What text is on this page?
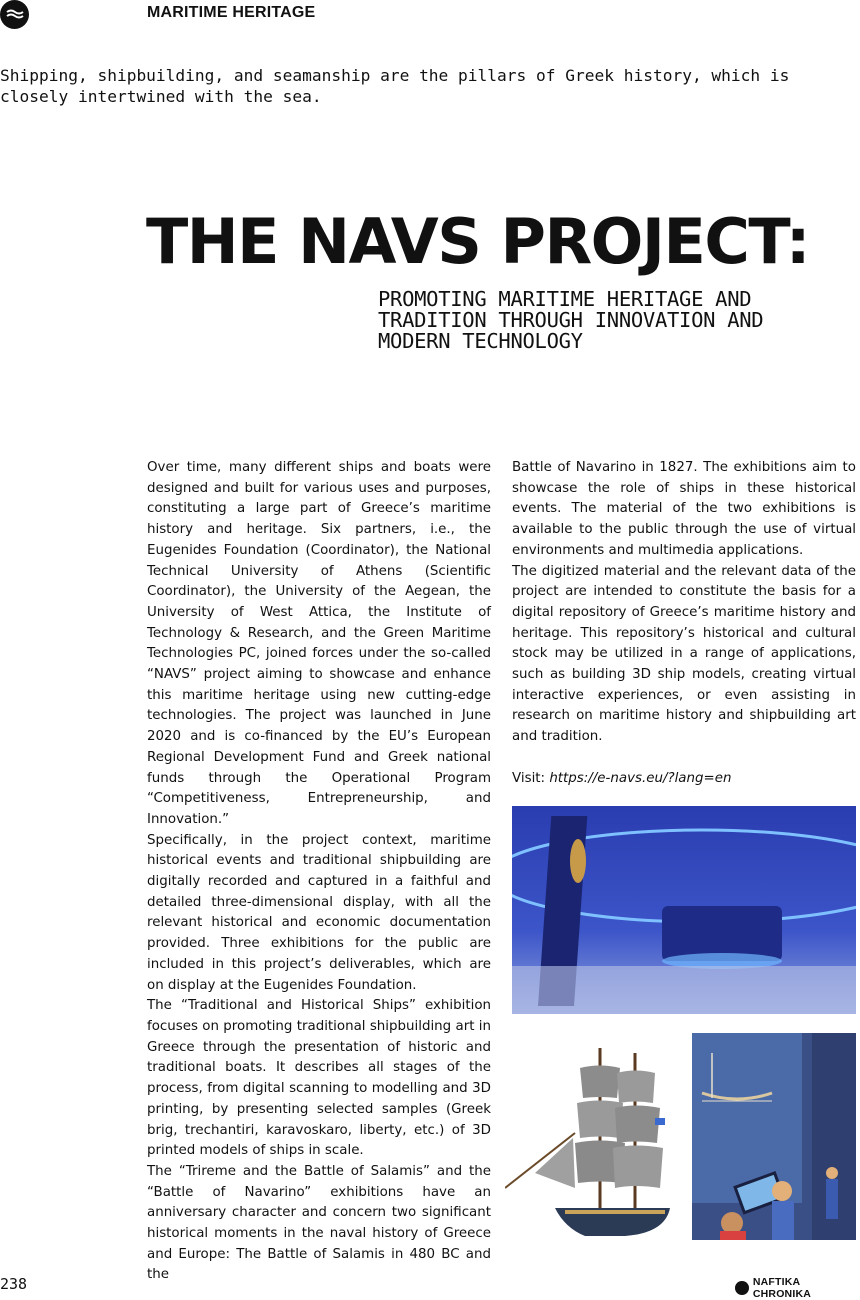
MARITIME HERITAGE
Shipping, shipbuilding, and seamanship are the pillars of Greek history, which is closely intertwined with the sea.
THE NAVS PROJECT:
PROMOTING MARITIME HERITAGE AND TRADITION THROUGH INNOVATION AND MODERN TECHNOLOGY

Over time, many different ships and boats were designed and built for various uses and purposes, constituting a large part of Greece’s maritime history and heritage. Six partners, i.e., the Eugenides Foundation (Coordinator), the National Technical University of Athens (Scientific Coordinator), the University of the Aegean, the University of West Attica, the Institute of Technology & Research, and the Green Maritime Technologies PC, joined forces under the so-called “NAVS” project aiming to showcase and enhance this maritime heritage using new cutting-edge technologies. The project was launched in June 2020 and is co-financed by the EU’s European Regional Development Fund and Greek national funds through the Operational Program “Competitiveness, Entrepreneurship, and Innovation.”

Specifically, in the project context, maritime historical events and traditional shipbuilding are digitally recorded and captured in a faithful and detailed three-dimensional display, with all the relevant historical and economic documentation provided. Three exhibitions for the public are included in this project’s deliverables, which are on display at the Eugenides Foundation.

The “Traditional and Historical Ships” exhibition focuses on promoting traditional shipbuilding art in Greece through the presentation of historic and traditional boats. It describes all stages of the process, from digital scanning to modelling and 3D printing, by presenting selected samples (Greek brig, trechantiri, karavoskaro, liberty, etc.) of 3D printed models of ships in scale.

The “Trireme and the Battle of Salamis” and the “Battle of Navarino” exhibitions have an anniversary character and concern two significant historical moments in the naval history of Greece and Europe: The Battle of Salamis in 480 BC and the

Battle of Navarino in 1827. The exhibitions aim to showcase the role of ships in these historical events. The material of the two exhibitions is available to the public through the use of virtual environments and multimedia applications.

The digitized material and the relevant data of the project are intended to constitute the basis for a digital repository of Greece’s maritime history and heritage. This repository’s historical and cultural stock may be utilized in a range of applications, such as building 3D ship models, creating virtual interactive experiences, or even assisting in research on maritime history and shipbuilding art and tradition.

Visit: https://e-navs.eu/?lang=en

238	NAFTIKA CHRONIKA
